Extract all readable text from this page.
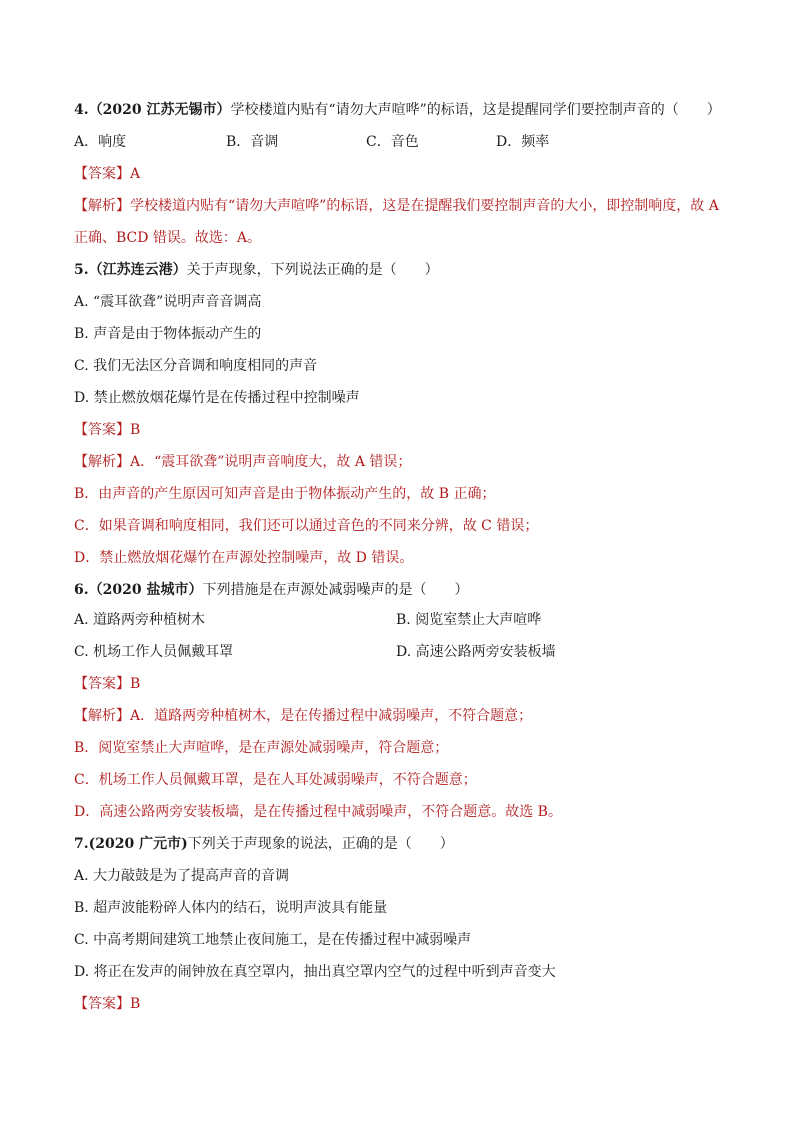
4.（2020 江苏无锡市）学校楼道内贴有“请勿大声喧哗”的标语，这是提醒同学们要控制声音的（　　）
A．响度	B．音调	C．音色	D．频率
【答案】A
【解析】学校楼道内贴有“请勿大声喧哗”的标语，这是在提醒我们要控制声音的大小，即控制响度，故 A
正确、BCD 错误。故选：A。
5.（江苏连云港）关于声现象，下列说法正确的是（　　）
A. “震耳欲聋”说明声音音调高
B. 声音是由于物体振动产生的
C. 我们无法区分音调和响度相同的声音
D. 禁止燃放烟花爆竹是在传播过程中控制噪声
【答案】B
【解析】A．“震耳欲聋”说明声音响度大，故 A 错误；
B．由声音的产生原因可知声音是由于物体振动产生的，故 B 正确；
C．如果音调和响度相同，我们还可以通过音色的不同来分辨，故 C 错误；
D．禁止燃放烟花爆竹在声源处控制噪声，故 D 错误。
6.（2020 盐城市）下列措施是在声源处减弱噪声的是（　　）
A. 道路两旁种植树木	B. 阅览室禁止大声喧哗
C. 机场工作人员佩戴耳罩	D. 高速公路两旁安装板墙
【答案】B
【解析】A．道路两旁种植树木，是在传播过程中减弱噪声，不符合题意；
B．阅览室禁止大声喧哗，是在声源处减弱噪声，符合题意；
C．机场工作人员佩戴耳罩，是在人耳处减弱噪声，不符合题意；
D．高速公路两旁安装板墙，是在传播过程中减弱噪声，不符合题意。故选 B。
7.(2020 广元市)下列关于声现象的说法，正确的是（　　）
A. 大力敲鼓是为了提高声音的音调
B. 超声波能粉碎人体内的结石，说明声波具有能量
C. 中高考期间建筑工地禁止夜间施工，是在传播过程中减弱噪声
D. 将正在发声的闹钟放在真空罩内，抽出真空罩内空气的过程中听到声音变大
【答案】B
